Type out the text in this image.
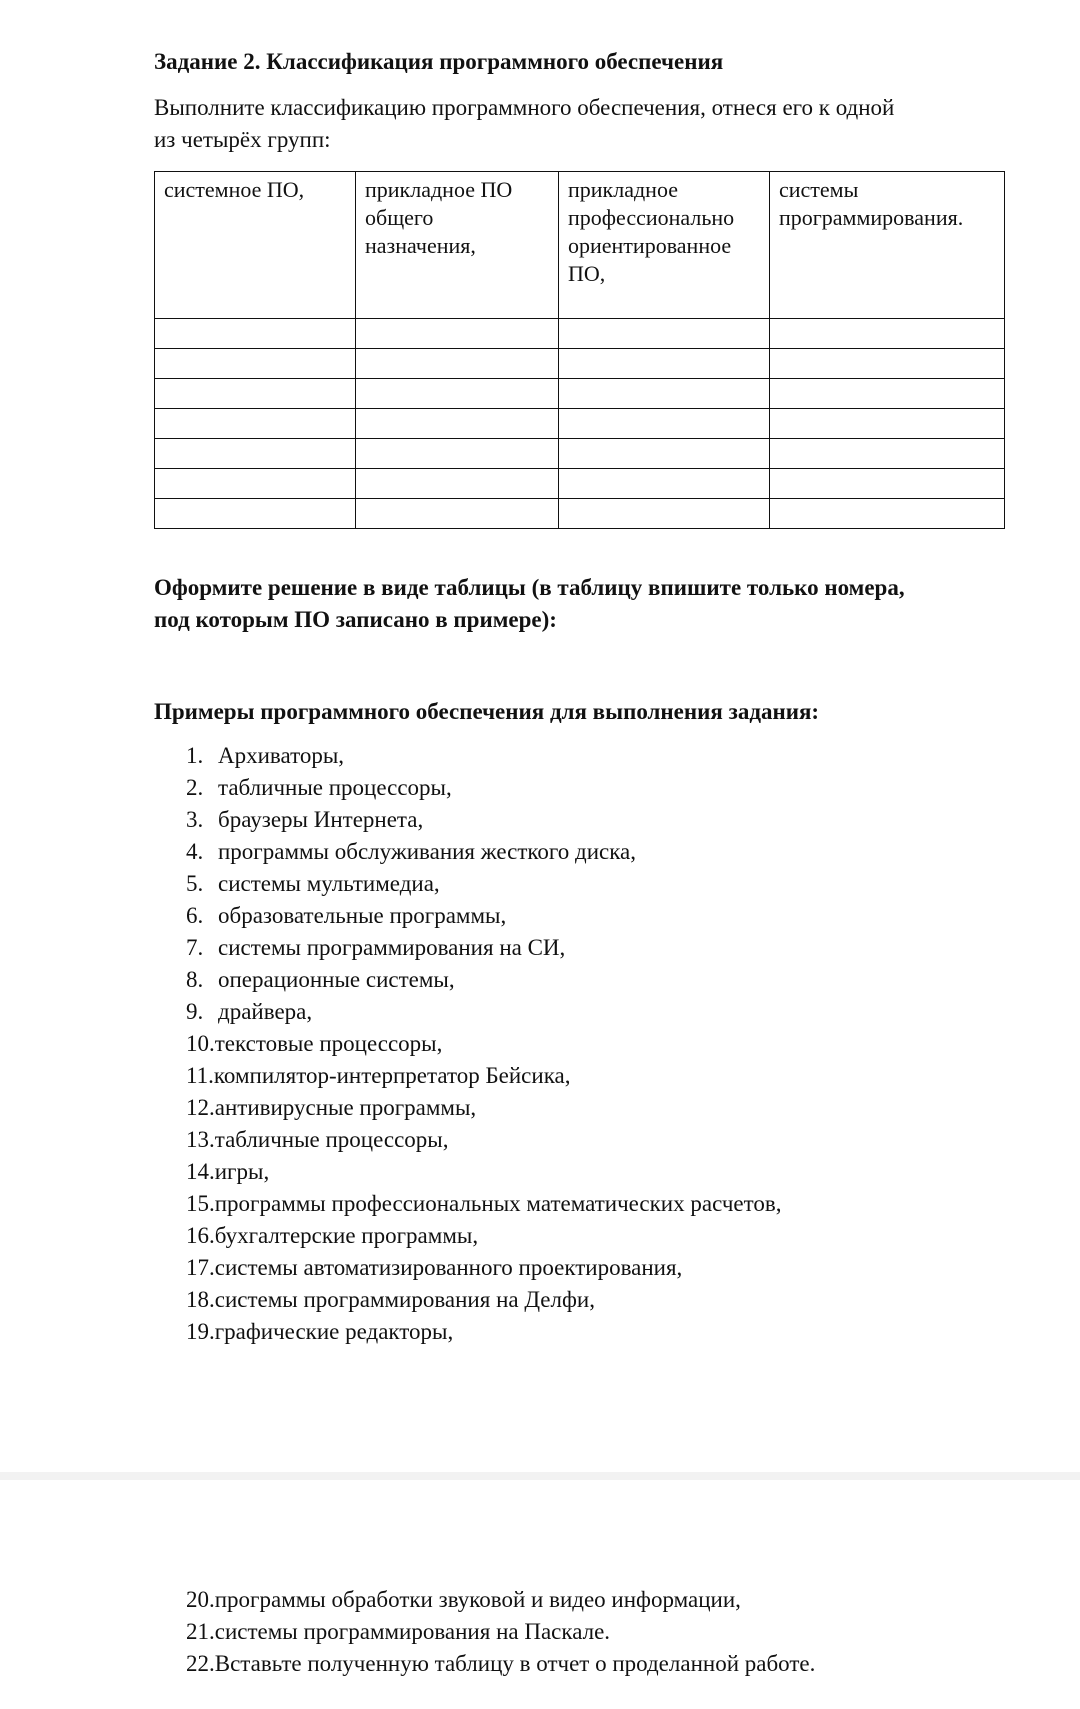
Задание 2. Классификация программного обеспечения
Выполните классификацию программного обеспечения, отнеся его к одной
из четырёх групп:
системное ПО,	прикладное ПО общего назначения,	прикладное профессионально ориентированное ПО,	системы программирования.

Оформите решение в виде таблицы (в таблицу впишите только номера,
под которым ПО записано в примере):
Примеры программного обеспечения для выполнения задания:
1. Архиваторы,
2. табличные процессоры,
3. браузеры Интернета,
4. программы обслуживания жесткого диска,
5. системы мультимедиа,
6. образовательные программы,
7. системы программирования на СИ,
8. операционные системы,
9. драйвера,
10. текстовые процессоры,
11. компилятор-интерпретатор Бейсика,
12. антивирусные программы,
13. табличные процессоры,
14. игры,
15. программы профессиональных математических расчетов,
16. бухгалтерские программы,
17. системы автоматизированного проектирования,
18. системы программирования на Делфи,
19. графические редакторы,
20. программы обработки звуковой и видео информации,
21. системы программирования на Паскале.
22. Вставьте полученную таблицу в отчет о проделанной работе.
